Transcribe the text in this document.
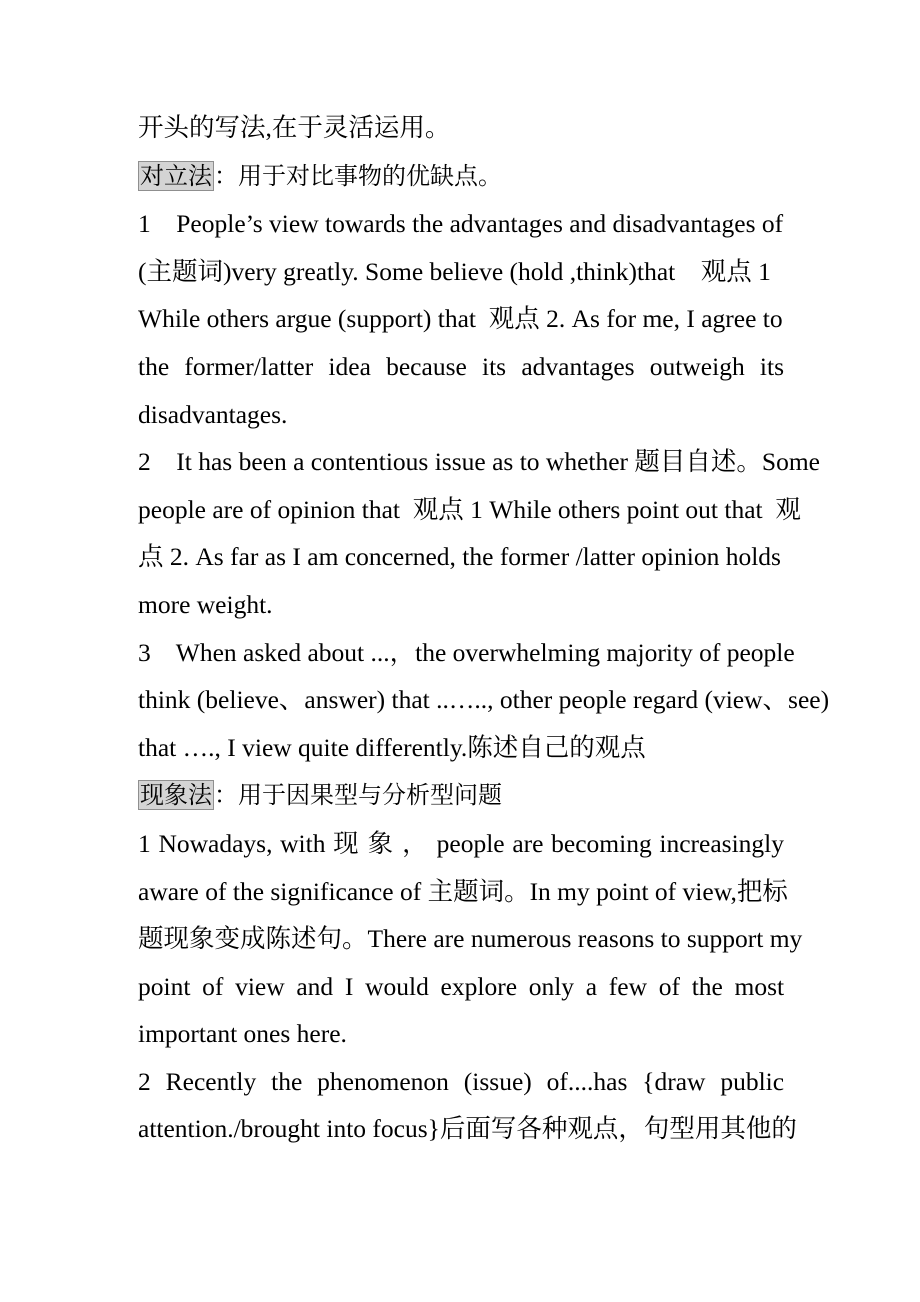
开头的写法,在于灵活运用。
对立法：用于对比事物的优缺点。
1    People’s view towards the advantages and disadvantages of
(主题词)very greatly. Some believe (hold ,think)that    观点 1
While others argue (support) that  观点 2. As for me, I agree to
the former/latter idea because its advantages outweigh its
disadvantages.
2    It has been a contentious issue as to whether 题目自述。Some
people are of opinion that  观点 1 While others point out that  观
点 2. As far as I am concerned, the former /latter opinion holds
more weight.
3    When asked about ...，the overwhelming majority of people
think (believe、answer) that ..….., other people regard (view、see)
that …., I view quite differently.陈述自己的观点
现象法：用于因果型与分析型问题
1 Nowadays, with 现 象 ， people are becoming increasingly
aware of the significance of 主题词。In my point of view,把标
题现象变成陈述句。There are numerous reasons to support my
point of view and I would explore only a few of the most
important ones here.
2 Recently the phenomenon (issue) of....has {draw public
attention./brought into focus}后面写各种观点，句型用其他的
